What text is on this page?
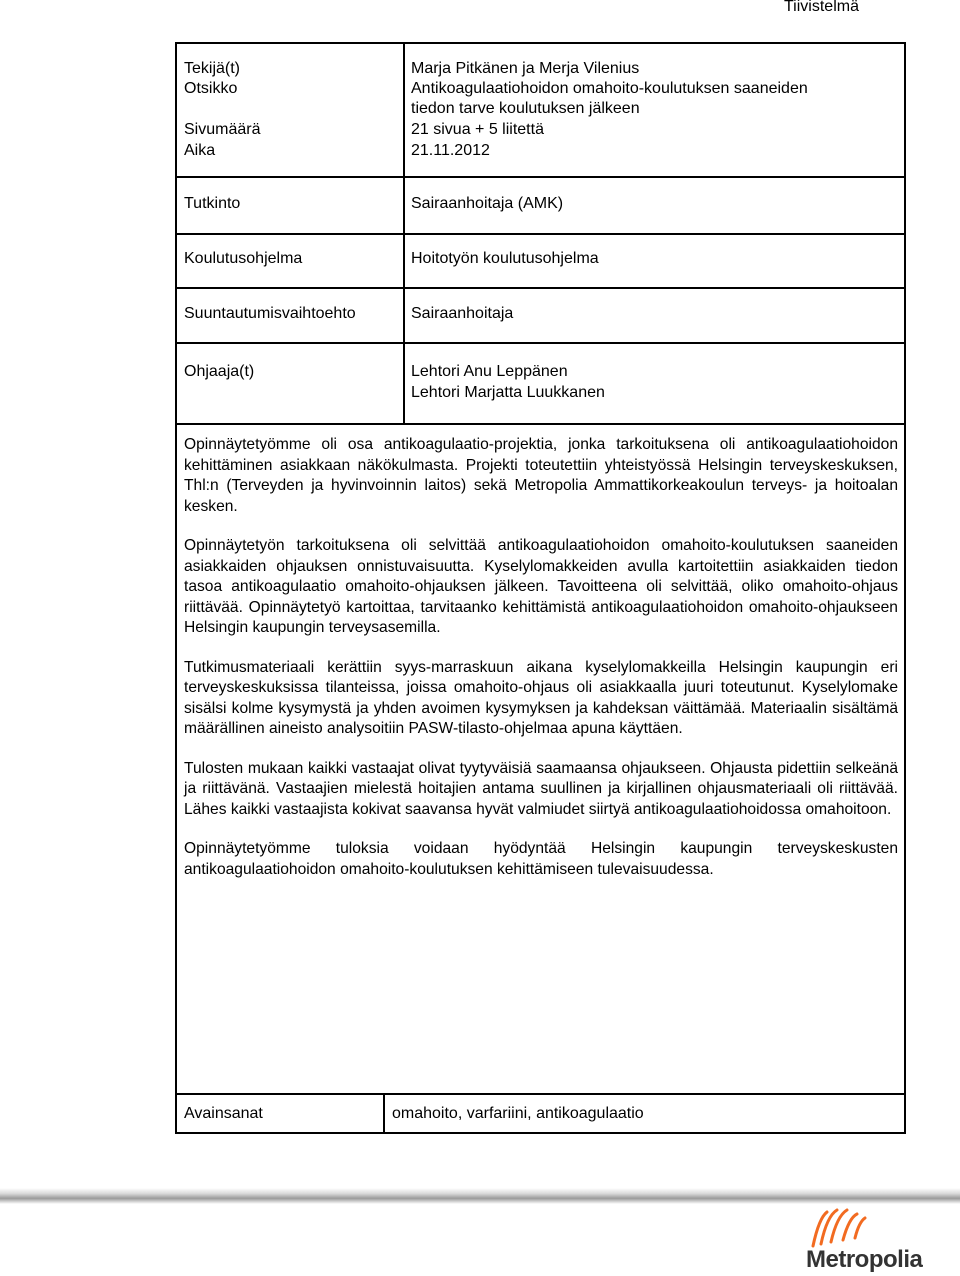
Tiivistelmä
Tekijä(t)	Marja Pitkänen ja Merja Vilenius
Otsikko	Antikoagulaatiohoidon omahoito-koulutuksen saaneiden
tiedon tarve koulutuksen jälkeen
Sivumäärä	21 sivua + 5 liitettä
Aika	21.11.2012
Tutkinto	Sairaanhoitaja (AMK)
Koulutusohjelma	Hoitotyön koulutusohjelma
Suuntautumisvaihtoehto	Sairaanhoitaja
Ohjaaja(t)	Lehtori Anu Leppänen
Lehtori Marjatta Luukkanen

Opinnäytetyömme oli osa antikoagulaatio-projektia, jonka tarkoituksena oli antikoagulaatiohoidon kehittäminen asiakkaan näkökulmasta. Projekti toteutettiin yhteistyössä Helsingin terveyskeskuksen, Thl:n (Terveyden ja hyvinvoinnin laitos) sekä Metropolia Ammattikorkeakoulun terveys- ja hoitoalan kesken.

Opinnäytetyön tarkoituksena oli selvittää antikoagulaatiohoidon omahoito-koulutuksen saaneiden asiakkaiden ohjauksen onnistuvaisuutta. Kyselylomakkeiden avulla kartoitettiin asiakkaiden tiedon tasoa antikoagulaatio omahoito-ohjauksen jälkeen. Tavoitteena oli selvittää, oliko omahoito-ohjaus riittävää. Opinnäytetyö kartoittaa, tarvitaanko kehittämistä antikoagulaatiohoidon omahoito-ohjaukseen Helsingin kaupungin terveysasemilla.

Tutkimusmateriaali kerättiin syys-marraskuun aikana kyselylomakkeilla Helsingin kaupungin eri terveyskeskuksissa tilanteissa, joissa omahoito-ohjaus oli asiakkaalla juuri toteutunut. Kyselylomake sisälsi kolme kysymystä ja yhden avoimen kysymyksen ja kahdeksan väittämää. Materiaalin sisältämä määrällinen aineisto analysoitiin PASW-tilasto-ohjelmaa apuna käyttäen.

Tulosten mukaan kaikki vastaajat olivat tyytyväisiä saamaansa ohjaukseen. Ohjausta pidettiin selkeänä ja riittävänä. Vastaajien mielestä hoitajien antama suullinen ja kirjallinen ohjausmateriaali oli riittävää. Lähes kaikki vastaajista kokivat saavansa hyvät valmiudet siirtyä antikoagulaatiohoidossa omahoitoon.

Opinnäytetyömme tuloksia voidaan hyödyntää Helsingin kaupungin terveyskeskusten antikoagulaatiohoidon omahoito-koulutuksen kehittämiseen tulevaisuudessa.

Avainsanat	omahoito, varfariini, antikoagulaatio
Metropolia
